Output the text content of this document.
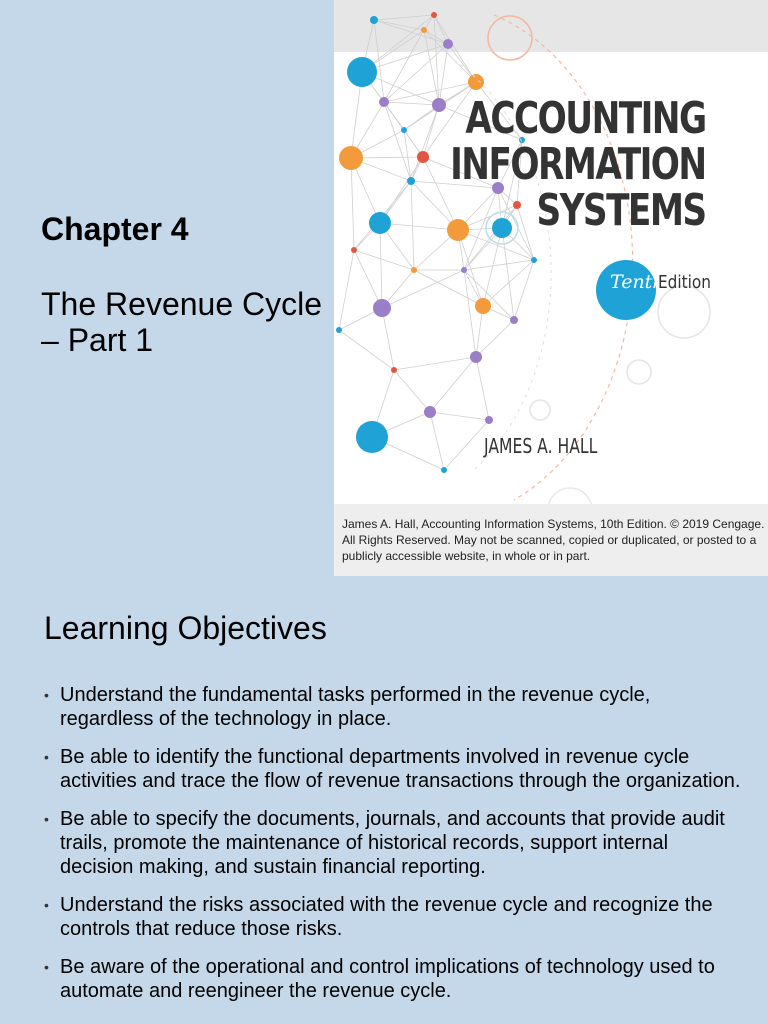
Chapter 4
The Revenue Cycle – Part 1
ACCOUNTING
INFORMATION
SYSTEMS
Tenth
Edition
JAMES A. HALL
James A. Hall, Accounting Information Systems, 10th Edition. © 2019 Cengage. All Rights Reserved. May not be scanned, copied or duplicated, or posted to a publicly accessible website, in whole or in part.
Learning Objectives
• Understand the fundamental tasks performed in the revenue cycle, regardless of the technology in place.
• Be able to identify the functional departments involved in revenue cycle activities and trace the flow of revenue transactions through the organization.
• Be able to specify the documents, journals, and accounts that provide audit trails, promote the maintenance of historical records, support internal decision making, and sustain financial reporting.
• Understand the risks associated with the revenue cycle and recognize the controls that reduce those risks.
• Be aware of the operational and control implications of technology used to automate and reengineer the revenue cycle.
